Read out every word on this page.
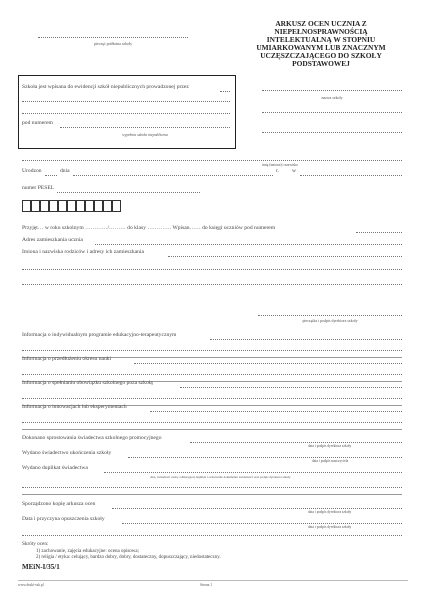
pieczęć podłużna szkoły
ARKUSZ OCEN UCZNIA Z NIEPEŁNOSPRAWNOŚCIĄ INTELEKTUALNĄ W STOPNIU UMIARKOWANYM LUB ZNACZNYM UCZĘSZCZAJĄCEGO DO SZKOŁY PODSTAWOWEJ
nazwa szkoły
Szkoła jest wpisana do ewidencji szkół niepublicznych prowadzonej przez
pod numerem
wypełnia szkoła niepubliczna
imię (imiona) i nazwisko
Urodzon	dnia	r. w
numer PESEL
Przyjęt… w roku szkolnym …………/……… do klasy …………. Wpisan…… do księgi uczniów pod numerem
Adres zamieszkania ucznia
Imiona i nazwiska rodziców i adresy ich zamieszkania
pieczątka i podpis dyrektora szkoły
Informacja o indywidualnym programie edukacyjno-terapeutycznym
Informacja o przedłużeniu okresu nauki
Informacja o spełnianiu obowiązku szkolnego poza szkołą
Informacja o innowacjach lub eksperymentach
Dokonano sprostowania świadectwa szkolnego promocyjnego
data i podpis dyrektora szkoły
Wydano świadectwo ukończenia szkoły
data i podpis nauczyciela
Wydano duplikat świadectwa
data, tożsamość osoby odbierającej duplikat i oznaczenie dokumentu tożsamości oraz podpis dyrektora szkoły
Sporządzono kopię arkusza ocen
data i podpis dyrektora szkoły
Data i przyczyna opuszczenia szkoły
data i podpis dyrektora szkoły
Skróty ocen:
1) zachowanie, zajęcia edukacyjne: ocena opisowa;
2) religia / etyka: celujący, bardzo dobry, dobry, dostateczny, dopuszczający, niedostateczny.
MEiN-I/35/1
www.druki-szk.pl	Strona 1
